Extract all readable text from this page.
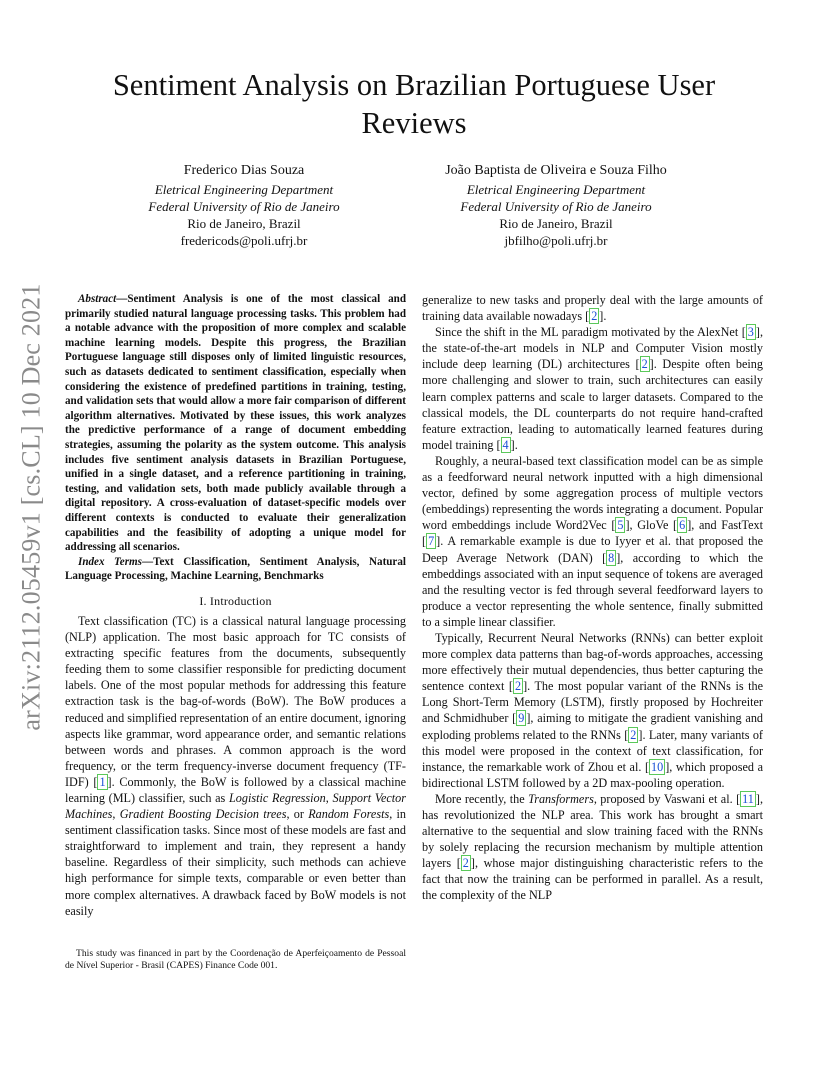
arXiv:2112.05459v1 [cs.CL] 10 Dec 2021
Sentiment Analysis on Brazilian Portuguese User Reviews
Frederico Dias Souza
Eletrical Engineering Department
Federal University of Rio de Janeiro
Rio de Janeiro, Brazil
fredericods@poli.ufrj.br
João Baptista de Oliveira e Souza Filho
Eletrical Engineering Department
Federal University of Rio de Janeiro
Rio de Janeiro, Brazil
jbfilho@poli.ufrj.br

Abstract—Sentiment Analysis is one of the most classical and primarily studied natural language processing tasks. This problem had a notable advance with the proposition of more complex and scalable machine learning models. Despite this progress, the Brazilian Portuguese language still disposes only of limited linguistic resources, such as datasets dedicated to sentiment classification, especially when considering the existence of predefined partitions in training, testing, and validation sets that would allow a more fair comparison of different algorithm alternatives. Motivated by these issues, this work analyzes the predictive performance of a range of document embedding strategies, assuming the polarity as the system outcome. This analysis includes five sentiment analysis datasets in Brazilian Portuguese, unified in a single dataset, and a reference partitioning in training, testing, and validation sets, both made publicly available through a digital repository. A cross-evaluation of dataset-specific models over different contexts is conducted to evaluate their generalization capabilities and the feasibility of adopting a unique model for addressing all scenarios.

Index Terms—Text Classification, Sentiment Analysis, Natural Language Processing, Machine Learning, Benchmarks

I. Introduction

Text classification (TC) is a classical natural language processing (NLP) application. The most basic approach for TC consists of extracting specific features from the documents, subsequently feeding them to some classifier responsible for predicting document labels. One of the most popular methods for addressing this feature extraction task is the bag-of-words (BoW). The BoW produces a reduced and simplified representation of an entire document, ignoring aspects like grammar, word appearance order, and semantic relations between words and phrases. A common approach is the word frequency, or the term frequency-inverse document frequency (TF-IDF) [ 1 ]. Commonly, the BoW is followed by a classical machine learning (ML) classifier, such as Logistic Regression, Support Vector Machines, Gradient Boosting Decision trees, or Random Forests, in sentiment classification tasks. Since most of these models are fast and straightforward to implement and train, they represent a handy baseline. Regardless of their simplicity, such methods can achieve high performance for simple texts, comparable or even better than more complex alternatives. A drawback faced by BoW models is not easily

This study was financed in part by the Coordenação de Aperfeiçoamento de Pessoal de Nível Superior - Brasil (CAPES) Finance Code 001.

generalize to new tasks and properly deal with the large amounts of training data available nowadays [ 2 ].

Since the shift in the ML paradigm motivated by the AlexNet [ 3 ], the state-of-the-art models in NLP and Computer Vision mostly include deep learning (DL) architectures [ 2 ]. Despite often being more challenging and slower to train, such architectures can easily learn complex patterns and scale to larger datasets. Compared to the classical models, the DL counterparts do not require hand-crafted feature extraction, leading to automatically learned features during model training [ 4 ].

Roughly, a neural-based text classification model can be as simple as a feedforward neural network inputted with a high dimensional vector, defined by some aggregation process of multiple vectors (embeddings) representing the words integrating a document. Popular word embeddings include Word2Vec [ 5 ], GloVe [ 6 ], and FastText [ 7 ]. A remarkable example is due to Iyyer et al. that proposed the Deep Average Network (DAN) [ 8 ], according to which the embeddings associated with an input sequence of tokens are averaged and the resulting vector is fed through several feedforward layers to produce a vector representing the whole sentence, finally submitted to a simple linear classifier.

Typically, Recurrent Neural Networks (RNNs) can better exploit more complex data patterns than bag-of-words approaches, accessing more effectively their mutual dependencies, thus better capturing the sentence context [ 2 ]. The most popular variant of the RNNs is the Long Short-Term Memory (LSTM), firstly proposed by Hochreiter and Schmidhuber [ 9 ], aiming to mitigate the gradient vanishing and exploding problems related to the RNNs [ 2 ]. Later, many variants of this model were proposed in the context of text classification, for instance, the remarkable work of Zhou et al. [ 10 ], which proposed a bidirectional LSTM followed by a 2D max-pooling operation.

More recently, the Transformers, proposed by Vaswani et al. [ 11 ], has revolutionized the NLP area. This work has brought a smart alternative to the sequential and slow training faced with the RNNs by solely replacing the recursion mechanism by multiple attention layers [ 2 ], whose major distinguishing characteristic refers to the fact that now the training can be performed in parallel. As a result, the complexity of the NLP
